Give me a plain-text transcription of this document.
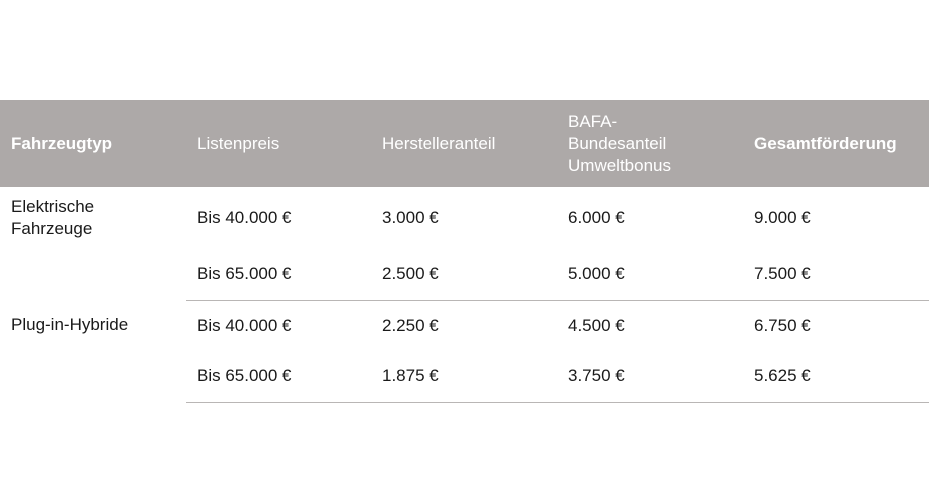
Fahrzeugtyp	Listenpreis	Herstelleranteil	BAFA-Bundesanteil Umweltbonus	Gesamtförderung
Elektrische Fahrzeuge	Bis 40.000 €	3.000 €	6.000 €	9.000 €
	Bis 65.000 €	2.500 €	5.000 €	7.500 €
Plug-in-Hybride	Bis 40.000 €	2.250 €	4.500 €	6.750 €
	Bis 65.000 €	1.875 €	3.750 €	5.625 €
